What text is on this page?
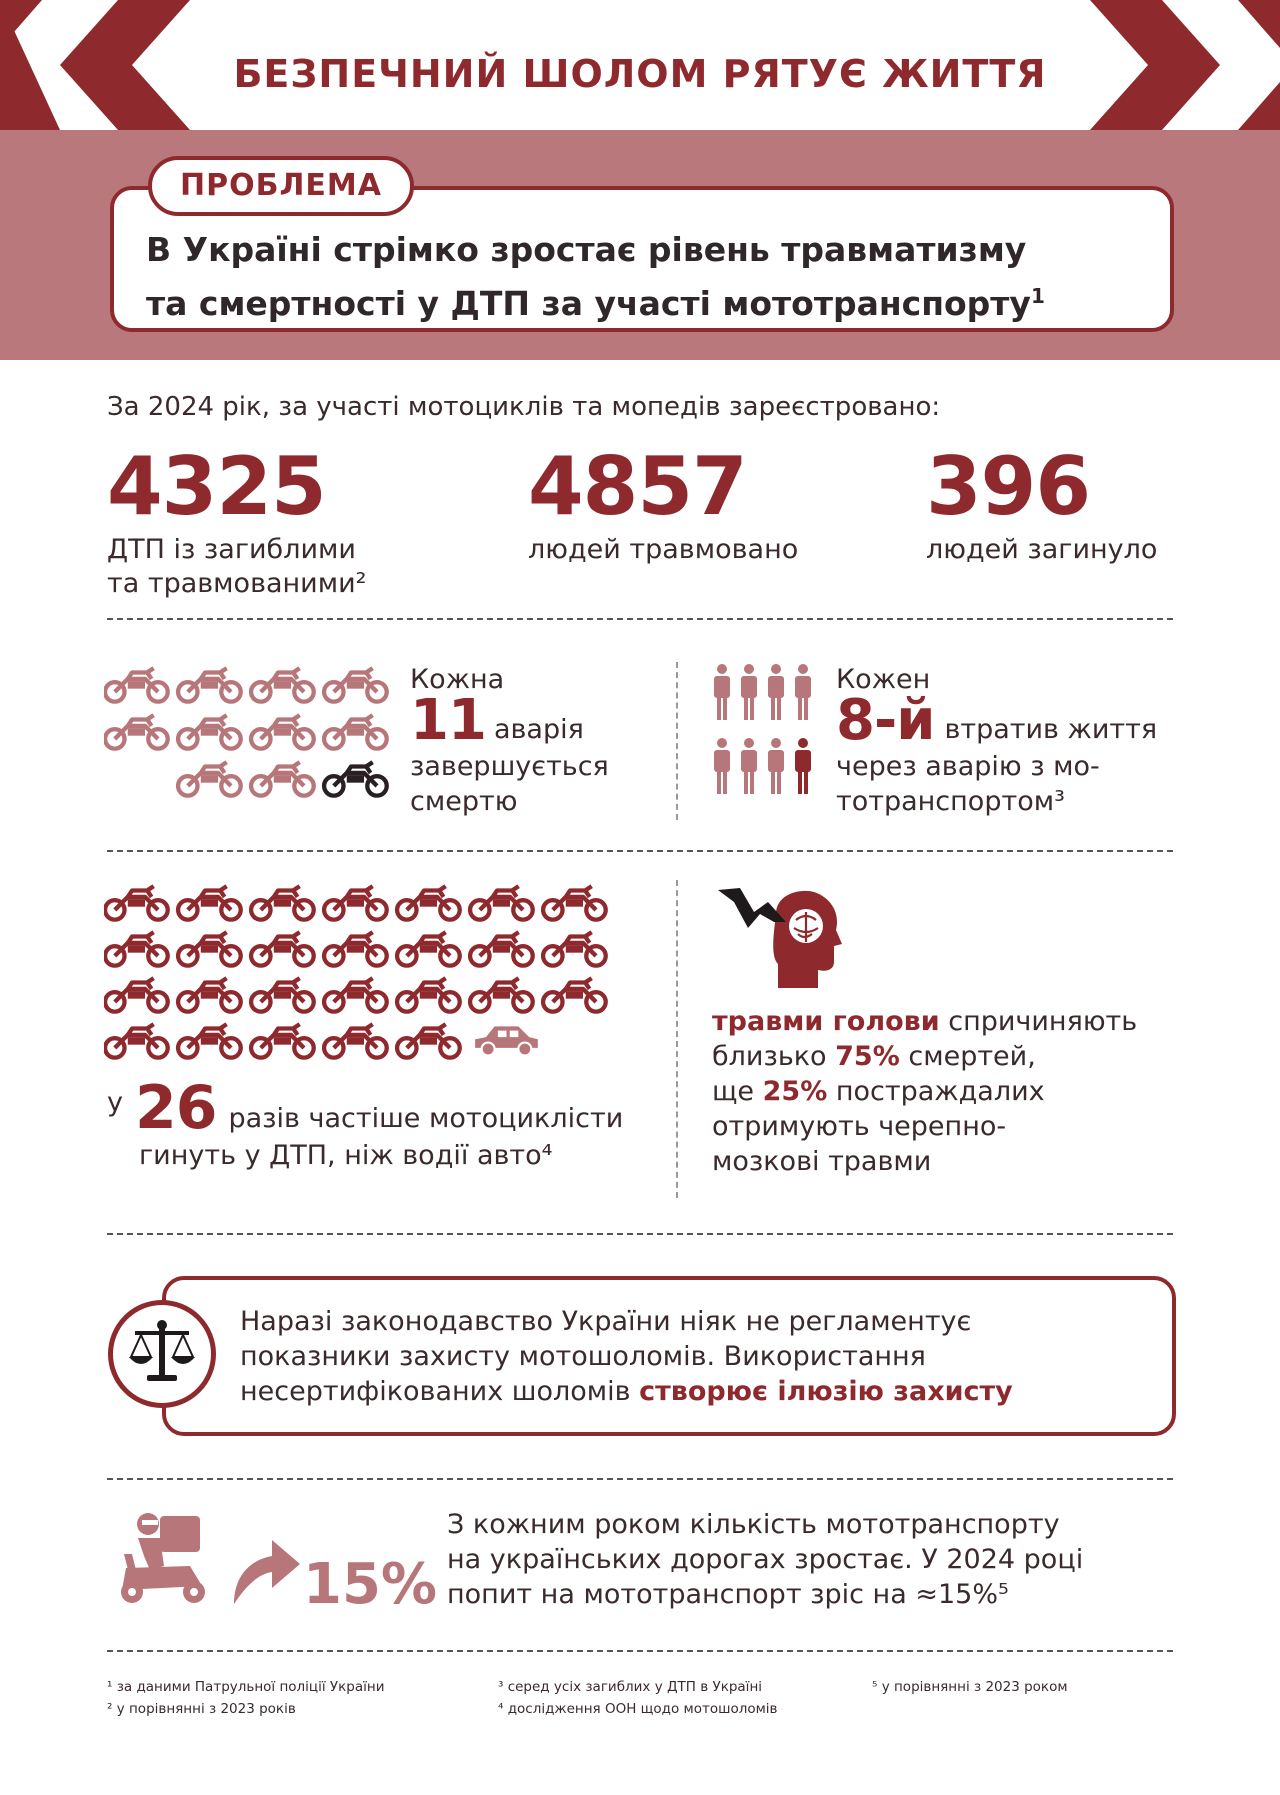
БЕЗПЕЧНИЙ ШОЛОМ РЯТУЄ ЖИТТЯ
ПРОБЛЕМА
В Україні стрімко зростає рівень травматизму
та смертності у ДТП за участі мототранспорту$^1$
За 2024 рік, за участі мотоциклів та мопедів зареєстровано:
4325
ДТП із загиблими
та травмованими²
4857
людей травмовано
396
людей загинуло
Кожна
11 аварія
завершується
смертю
Кожен
8-й втратив життя
через аварію з мо-
тотранспортом³
у 26 разів частіше мотоциклісти
гинуть у ДТП, ніж водії авто⁴
травми голови спричиняють
близько 75% смертей,
ще 25% постраждалих
отримують черепно-
мозкові травми
Наразі законодавство України ніяк не регламентує
показники захисту мотошоломів. Використання
несертифікованих шоломів створює ілюзію захисту
15%
З кожним роком кількість мототранспорту
на українських дорогах зростає. У 2024 році
попит на мототранспорт зріс на ≈15%⁵
¹ за даними Патрульної поліції України
² у порівнянні з 2023 років
³ серед усіх загиблих у ДТП в Україні
⁴ дослідження ООН щодо мотошоломів
⁵ у порівнянні з 2023 роком
